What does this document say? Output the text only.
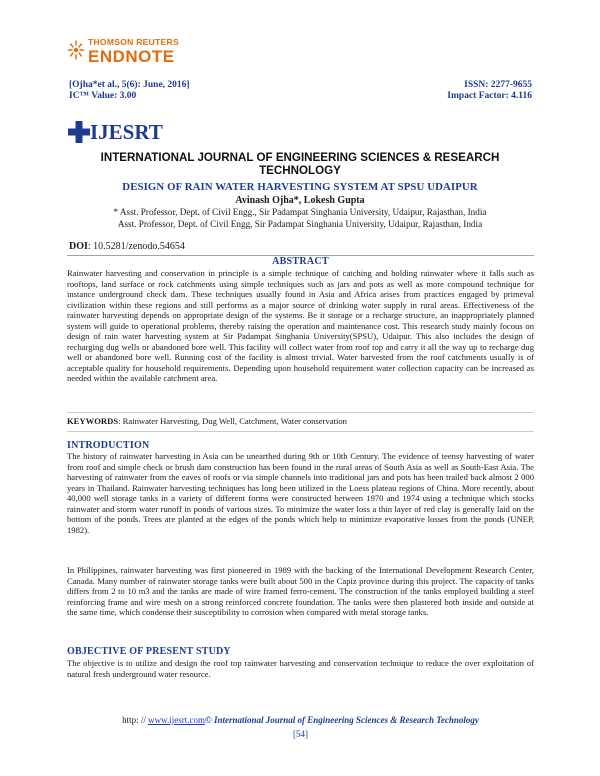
THOMSON REUTERS
ENDNOTE
[Ojha*et al., 5(6): June, 2016]
IC™ Value: 3.00
ISSN: 2277-9655
Impact Factor: 4.116
IJESRT
INTERNATIONAL JOURNAL OF ENGINEERING SCIENCES & RESEARCH TECHNOLOGY
DESIGN OF RAIN WATER HARVESTING SYSTEM AT SPSU UDAIPUR
Avinash Ojha*, Lokesh Gupta
* Asst. Professor, Dept. of Civil Engg., Sir Padampat Singhania University, Udaipur, Rajasthan, India
Asst. Professor, Dept. of Civil Engg, Sir Padampat Singhania University, Udaipur, Rajasthan, India
DOI: 10.5281/zenodo.54654
ABSTRACT
Rainwater harvesting and conservation in principle is a simple technique of catching and holding rainwater where it falls such as rooftops, land surface or rock catchments using simple techniques such as jars and pots as well as more compound technique for instance underground check dam. These techniques usually found in Asia and Africa arises from practices engaged by primeval civilization within these regions and still performs as a major source of drinking water supply in rural areas. Effectiveness of the rainwater harvesting depends on appropriate design of the systems. Be it storage or a recharge structure, an inappropriately planned system will guide to operational problems, thereby raising the operation and maintenance cost. This research study mainly focous on design of rain water harvesting system at Sir Padampat Singhania University(SPSU), Udaipur. This also includes the design of recharging dug wells or abandoned bore well. This facility will collect water from roof top and carry it all the way up to recharge dug well or abandoned bore well. Running cost of the facility is almost trivial. Water harvested from the roof catchments usually is of acceptable quality for household requirements. Depending upon household requirement water collection capacity can be increased as needed within the available catchment area.
KEYWORDS: Rainwater Harvesting, Dug Well, Catchment, Water conservation
INTRODUCTION
The history of rainwater harvesting in Asia can be unearthed during 9th or 10th Century. The evidence of teensy harvesting of water from roof and simple check or brush dam construction has been found in the rural areas of South Asia as well as South-East Asia. The harvesting of rainwater from the eaves of roofs or via simple channels into traditional jars and pots has been trailed back almost 2 000 years in Thailand. Rainwater harvesting techniques has long been utilized in the Loess plateau regions of China. More recently, about 40,000 well storage tanks in a variety of different forms were constructed between 1970 and 1974 using a technique which stocks rainwater and storm water runoff in ponds of various sizes. To minimize the water loss a thin layer of red clay is generally laid on the bottom of the ponds. Trees are planted at the edges of the ponds which help to minimize evaporative losses from the ponds (UNEP, 1982).
In Philippines, rainwater harvesting was first pioneered in 1989 with the backing of the International Development Research Center, Canada. Many number of rainwater storage tanks were built about 500 in the Capiz province during this project. The capacity of tanks differs from 2 to 10 m3 and the tanks are made of wire framed ferro-cement. The construction of the tanks employed building a steel reinforcing frame and wire mesh on a strong reinforced concrete foundation. The tanks were then plastered both inside and outside at the same time, which condense their susceptibility to corrosion when compared with metal storage tanks.
OBJECTIVE OF PRESENT STUDY
The objective is to utilize and design the roof top rainwater harvesting and conservation technique to reduce the over exploitation of natural fresh underground water resource.
http: // www.ijesrt.com© International Journal of Engineering Sciences & Research Technology
[54]
